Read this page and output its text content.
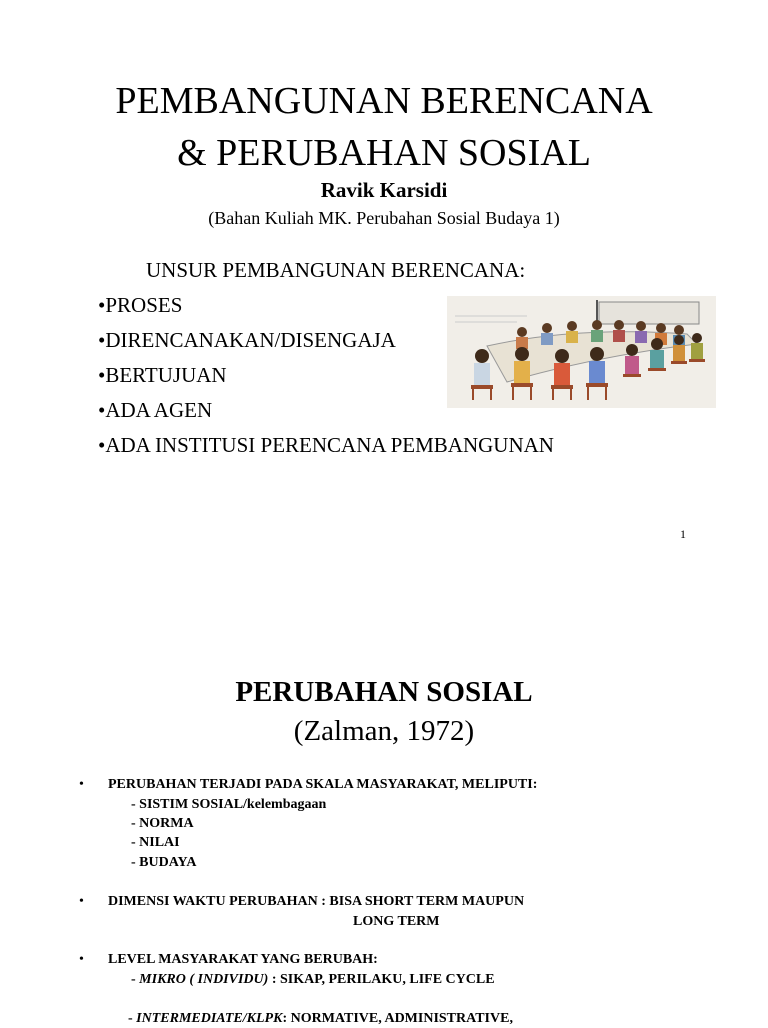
PEMBANGUNAN BERENCANA
& PERUBAHAN SOSIAL
Ravik Karsidi
(Bahan Kuliah MK. Perubahan Sosial Budaya 1)
UNSUR PEMBANGUNAN BERENCANA:
•PROSES
•DIRENCANAKAN/DISENGAJA
•BERTUJUAN
•ADA AGEN
•ADA INSTITUSI PERENCANA PEMBANGUNAN
1
PERUBAHAN SOSIAL
(Zalman, 1972)
• PERUBAHAN TERJADI PADA SKALA MASYARAKAT, MELIPUTI:
- SISTIM SOSIAL/kelembagaan
- NORMA
- NILAI
- BUDAYA
• DIMENSI WAKTU PERUBAHAN : BISA SHORT TERM MAUPUN
LONG TERM
• LEVEL MASYARAKAT YANG BERUBAH:
- MIKRO ( INDIVIDU) : SIKAP, PERILAKU, LIFE CYCLE
- INTERMEDIATE/KLPK: NORMATIVE, ADMINISTRATIVE,
